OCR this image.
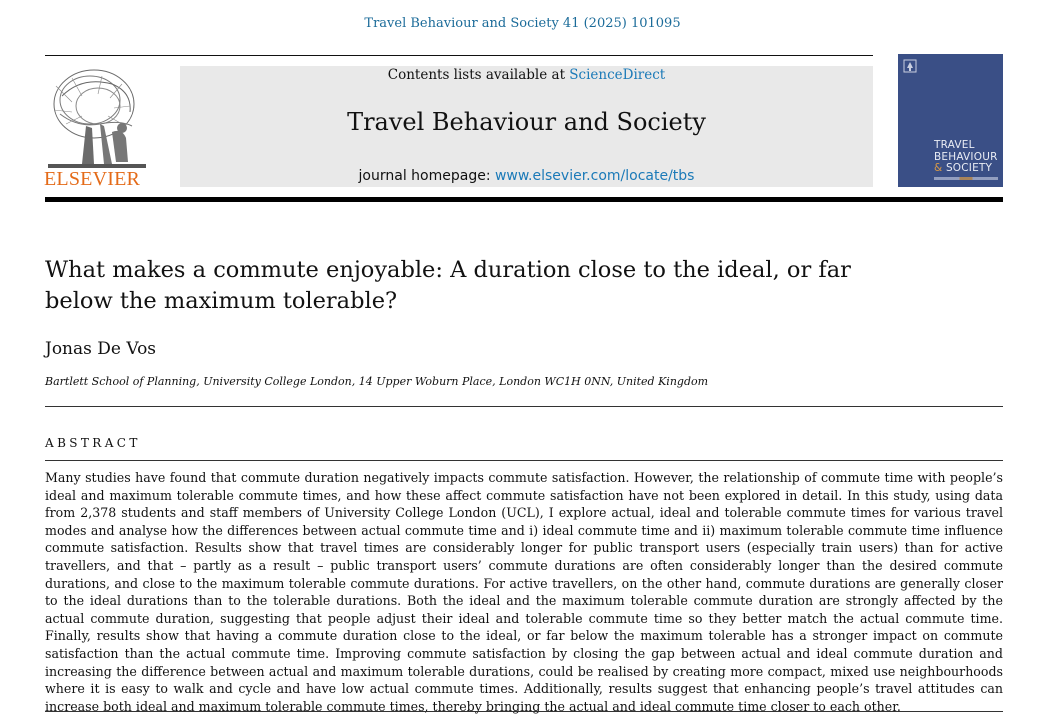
Travel Behaviour and Society 41 (2025) 101095
ELSEVIER
Contents lists available at ScienceDirect
Travel Behaviour and Society
journal homepage: www.elsevier.com/locate/tbs
TRAVEL
BEHAVIOUR
& SOCIETY
What makes a commute enjoyable: A duration close to the ideal, or far below the maximum tolerable?
Jonas De Vos
Bartlett School of Planning, University College London, 14 Upper Woburn Place, London WC1H 0NN, United Kingdom
ABSTRACT
Many studies have found that commute duration negatively impacts commute satisfaction. However, the relationship of commute time with people’s ideal and maximum tolerable commute times, and how these affect commute satisfaction have not been explored in detail. In this study, using data from 2,378 students and staff members of University College London (UCL), I explore actual, ideal and tolerable commute times for various travel modes and analyse how the differences between actual commute time and i) ideal commute time and ii) maximum tolerable commute time influence commute satisfaction. Results show that travel times are considerably longer for public transport users (especially train users) than for active travellers, and that – partly as a result – public transport users’ commute durations are often considerably longer than the desired commute durations, and close to the maximum tolerable commute durations. For active travellers, on the other hand, commute durations are generally closer to the ideal durations than to the tolerable durations. Both the ideal and the maximum tolerable commute duration are strongly affected by the actual commute duration, suggesting that people adjust their ideal and tolerable commute time so they better match the actual commute time. Finally, results show that having a commute duration close to the ideal, or far below the maximum tolerable has a stronger impact on commute satisfaction than the actual commute time. Improving commute satisfaction by closing the gap between actual and ideal commute duration and increasing the difference between actual and maximum tolerable durations, could be realised by creating more compact, mixed use neighbourhoods where it is easy to walk and cycle and have low actual commute times. Additionally, results suggest that enhancing people’s travel attitudes can increase both ideal and maximum tolerable commute times, thereby bringing the actual and ideal commute time closer to each other.
